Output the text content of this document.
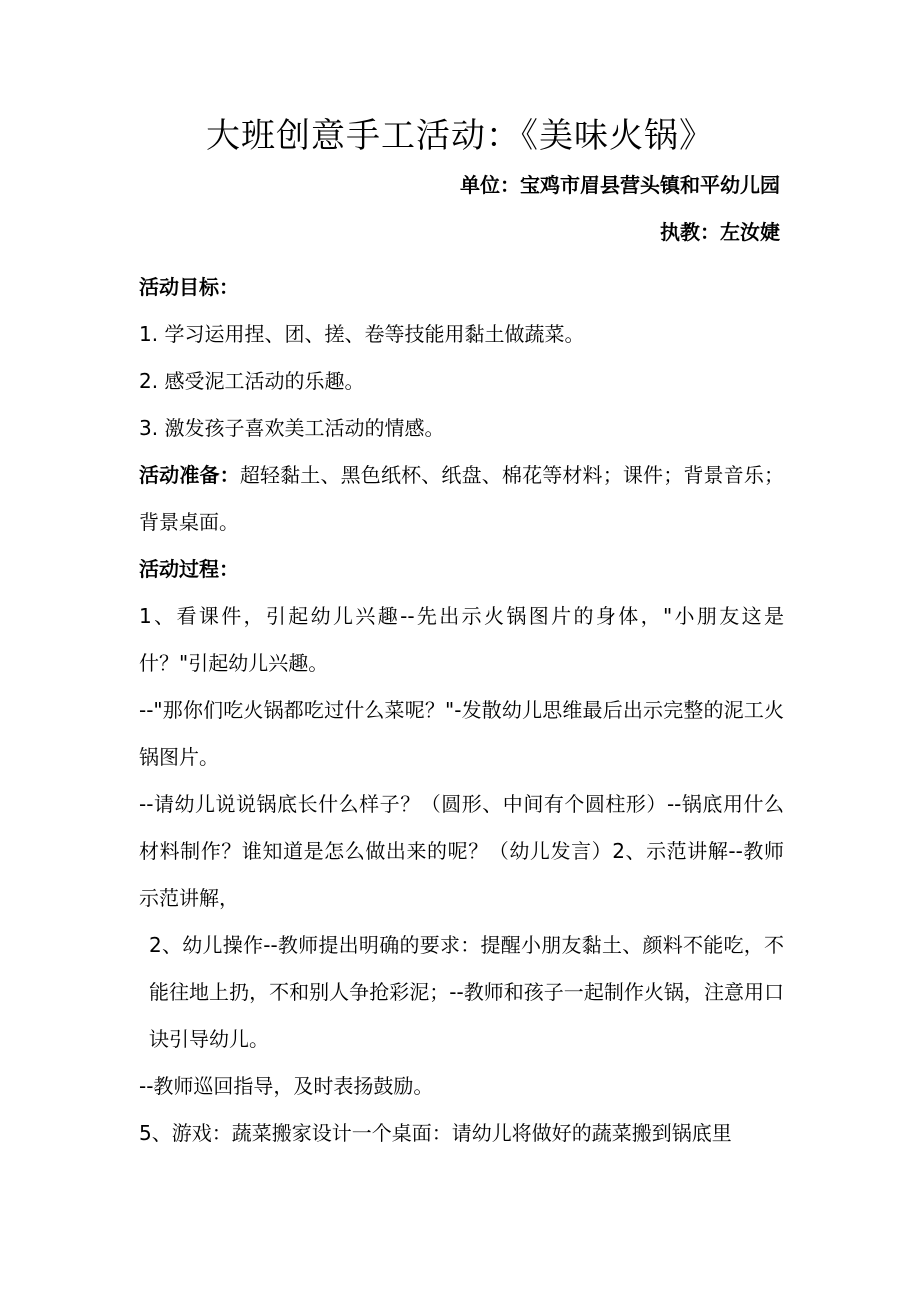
大班创意手工活动：《美味火锅》
单位：宝鸡市眉县营头镇和平幼儿园
执教：左汝婕

活动目标：

1. 学习运用捏、团、搓、卷等技能用黏土做蔬菜。

2. 感受泥工活动的乐趣。

3. 激发孩子喜欢美工活动的情感。

活动准备：超轻黏土、黑色纸杯、纸盘、棉花等材料；课件；背景音乐；背景桌面。

活动过程：

1、看课件，引起幼儿兴趣--先出示火锅图片的身体，"小朋友这是什？"引起幼儿兴趣。

--"那你们吃火锅都吃过什么菜呢？"-发散幼儿思维最后出示完整的泥工火锅图片。

--请幼儿说说锅底长什么样子？（圆形、中间有个圆柱形）--锅底用什么材料制作？谁知道是怎么做出来的呢？（幼儿发言）2、示范讲解--教师示范讲解，

2、幼儿操作--教师提出明确的要求：提醒小朋友黏土、颜料不能吃，不能往地上扔，不和别人争抢彩泥；--教师和孩子一起制作火锅，注意用口诀引导幼儿。

--教师巡回指导，及时表扬鼓励。

5、游戏：蔬菜搬家设计一个桌面：请幼儿将做好的蔬菜搬到锅底里
